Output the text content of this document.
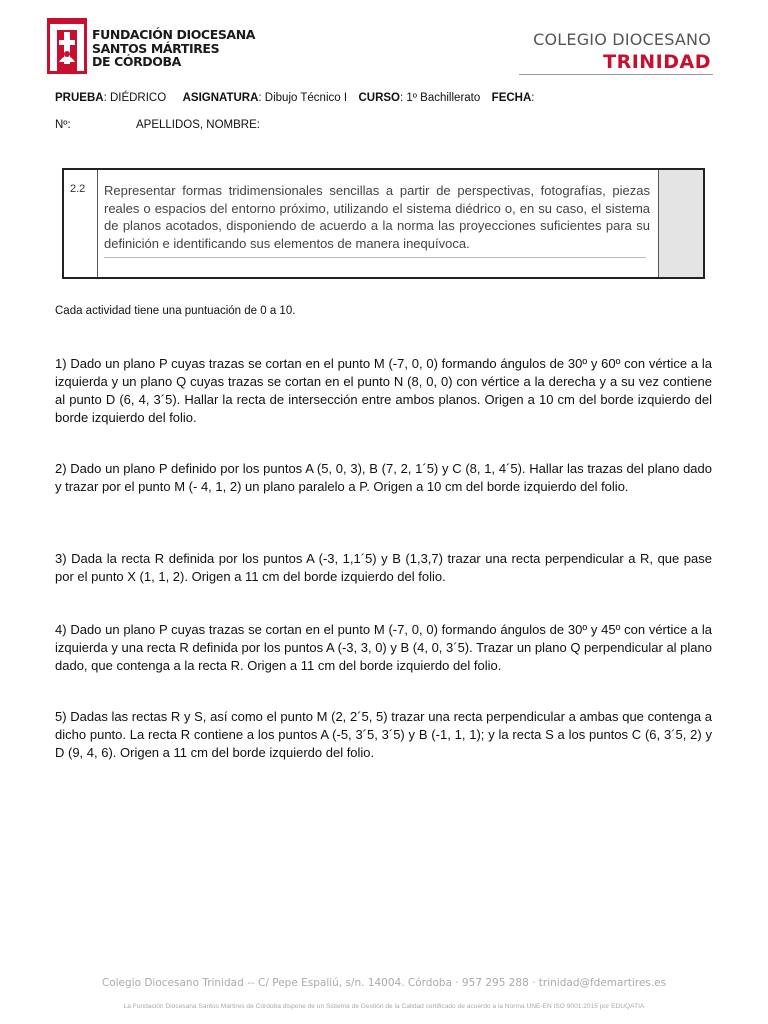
FUNDACIÓN DIOCESANA
SANTOS MÁRTIRES
DE CÓRDOBA
COLEGIO DIOCESANO
TRINIDAD
PRUEBA: DIÉDRICO ASIGNATURA: Dibujo Técnico I CURSO: 1º Bachillerato FECHA:
Nº:	APELLIDOS, NOMBRE:
2.2	Representar formas tridimensionales sencillas a partir de perspectivas, fotografías, piezas reales o espacios del entorno próximo, utilizando el sistema diédrico o, en su caso, el sistema de planos acotados, disponiendo de acuerdo a la norma las proyecciones suficientes para su definición e identificando sus elementos de manera inequívoca.
Cada actividad tiene una puntuación de 0 a 10.

1) Dado un plano P cuyas trazas se cortan en el punto M (-7, 0, 0) formando ángulos de 30º y 60º con vértice a la izquierda y un plano Q cuyas trazas se cortan en el punto N (8, 0, 0) con vértice a la derecha y a su vez contiene al punto D (6, 4, 3´5). Hallar la recta de intersección entre ambos planos. Origen a 10 cm del borde izquierdo del borde izquierdo del folio.

2) Dado un plano P definido por los puntos A (5, 0, 3), B (7, 2, 1´5) y C (8, 1, 4´5). Hallar las trazas del plano dado y trazar por el punto M (- 4, 1, 2) un plano paralelo a P. Origen a 10 cm del borde izquierdo del folio.

3) Dada la recta R definida por los puntos A (-3, 1,1´5) y B (1,3,7) trazar una recta perpendicular a R, que pase por el punto X (1, 1, 2). Origen a 11 cm del borde izquierdo del folio.

4) Dado un plano P cuyas trazas se cortan en el punto M (-7, 0, 0) formando ángulos de 30º y 45º con vértice a la izquierda y una recta R definida por los puntos A (-3, 3, 0) y B (4, 0, 3´5). Trazar un plano Q perpendicular al plano dado, que contenga a la recta R. Origen a 11 cm del borde izquierdo del folio.

5) Dadas las rectas R y S, así como el punto M (2, 2´5, 5) trazar una recta perpendicular a ambas que contenga a dicho punto. La recta R contiene a los puntos A (-5, 3´5, 3´5) y B (-1, 1, 1); y la recta S a los puntos C (6, 3´5, 2) y D (9, 4, 6). Origen a 11 cm del borde izquierdo del folio.

Colegio Diocesano Trinidad -- C/ Pepe Espaliú, s/n. 14004. Córdoba · 957 295 288 · trinidad@fdemartires.es
La Fundación Diocesana Santos Mártires de Córdoba dispone de un Sistema de Gestión de la Calidad certificado de acuerdo a la Norma UNE-EN ISO 9001:2015 por EDUQATIA
